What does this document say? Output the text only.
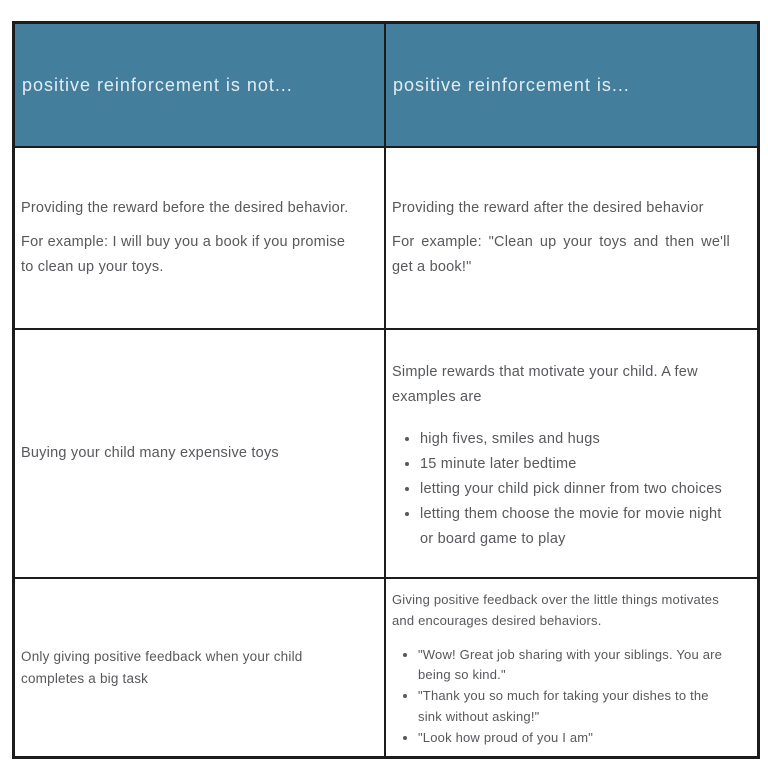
positive reinforcement is not...	positive reinforcement is...

Providing the reward before the desired behavior.

For example: I will buy you a book if you promise to clean up your toys.

Providing the reward after the desired behavior

For example: "Clean up your toys and then we'll get a book!"

Buying your child many expensive toys

Simple rewards that motivate your child. A few examples are

• high fives, smiles and hugs
• 15 minute later bedtime
• letting your child pick dinner from two choices
• letting them choose the movie for movie night or board game to play

Only giving positive feedback when your child completes a big task

Giving positive feedback over the little things motivates and encourages desired behaviors.

• "Wow! Great job sharing with your siblings. You are being so kind."
• "Thank you so much for taking your dishes to the sink without asking!"
• "Look how proud of you I am"
